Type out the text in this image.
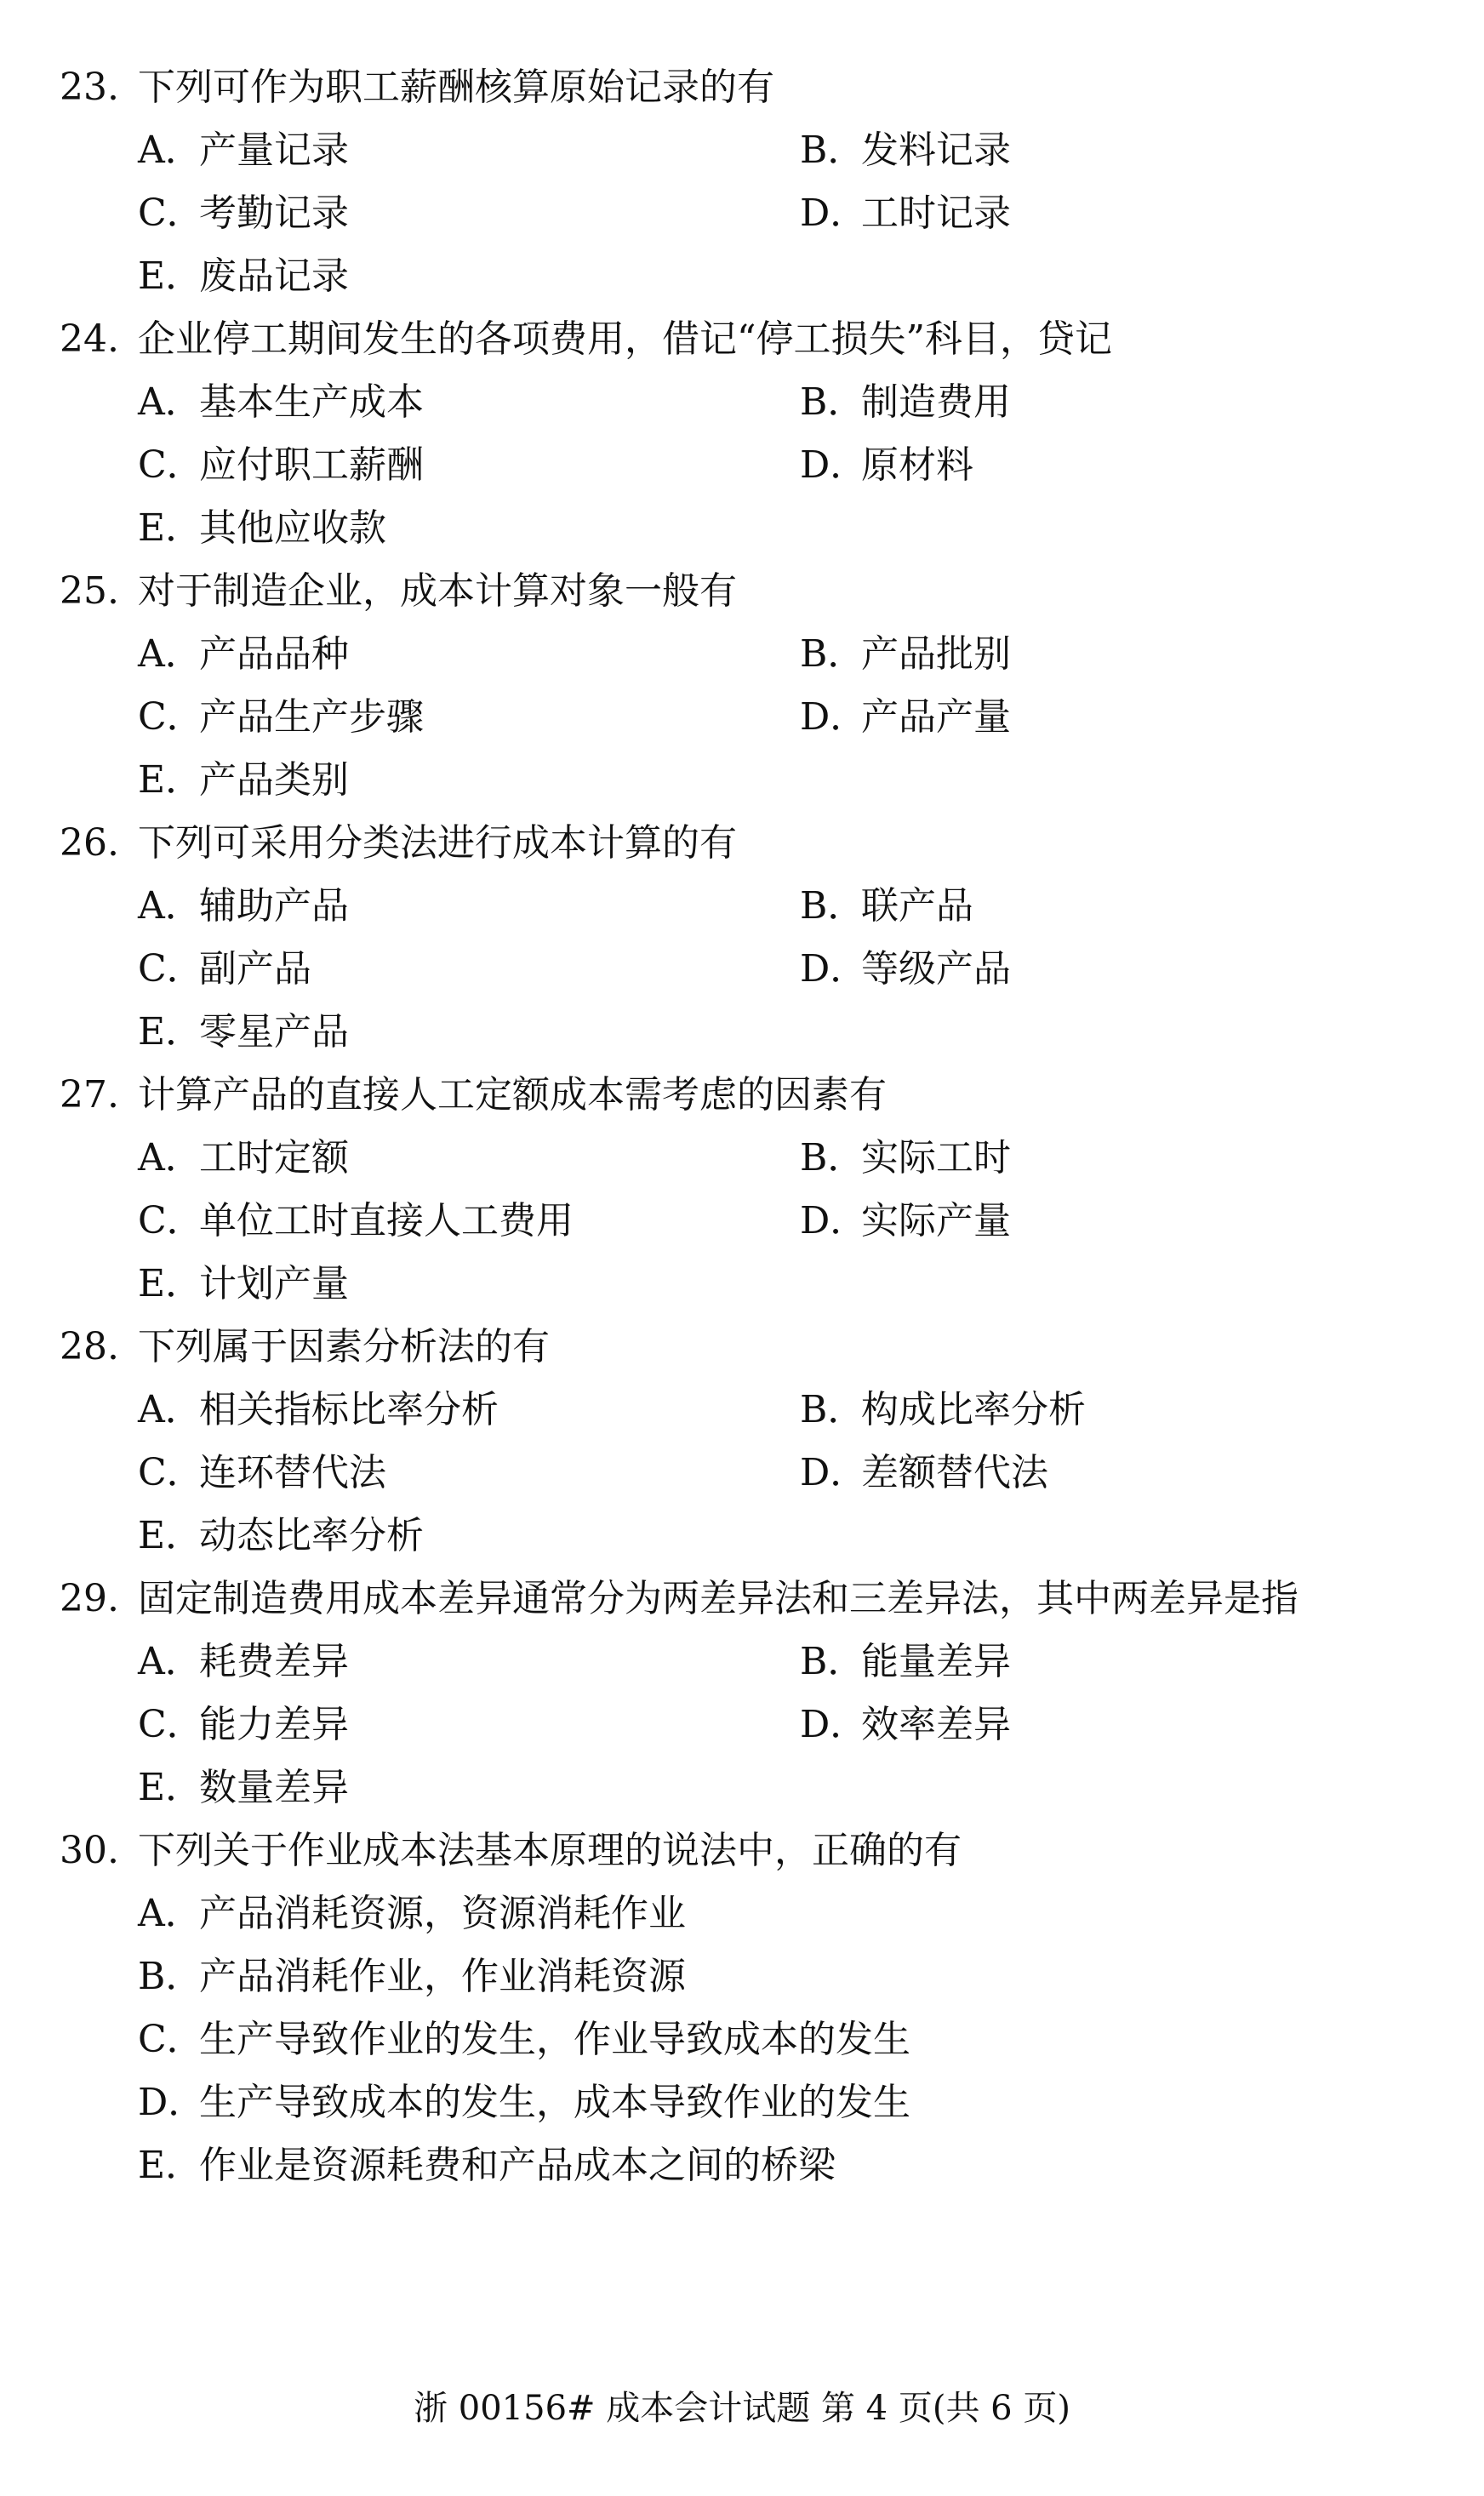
23. 下列可作为职工薪酬核算原始记录的有
A．产量记录	B．发料记录
C．考勤记录	D．工时记录
E．废品记录
24. 企业停工期间发生的各项费用，借记“停工损失”科目，贷记
A．基本生产成本	B．制造费用
C．应付职工薪酬	D．原材料
E．其他应收款
25. 对于制造企业，成本计算对象一般有
A．产品品种	B．产品批别
C．产品生产步骤	D．产品产量
E．产品类别
26. 下列可采用分类法进行成本计算的有
A．辅助产品	B．联产品
C．副产品	D．等级产品
E．零星产品
27. 计算产品的直接人工定额成本需考虑的因素有
A．工时定额	B．实际工时
C．单位工时直接人工费用	D．实际产量
E．计划产量
28. 下列属于因素分析法的有
A．相关指标比率分析	B．构成比率分析
C．连环替代法	D．差额替代法
E．动态比率分析
29. 固定制造费用成本差异通常分为两差异法和三差异法，其中两差异是指
A．耗费差异	B．能量差异
C．能力差异	D．效率差异
E．数量差异
30. 下列关于作业成本法基本原理的说法中，正确的有
A．产品消耗资源，资源消耗作业
B．产品消耗作业，作业消耗资源
C．生产导致作业的发生，作业导致成本的发生
D．生产导致成本的发生，成本导致作业的发生
E．作业是资源耗费和产品成本之间的桥梁
浙 00156# 成本会计试题 第 4 页(共 6 页)
